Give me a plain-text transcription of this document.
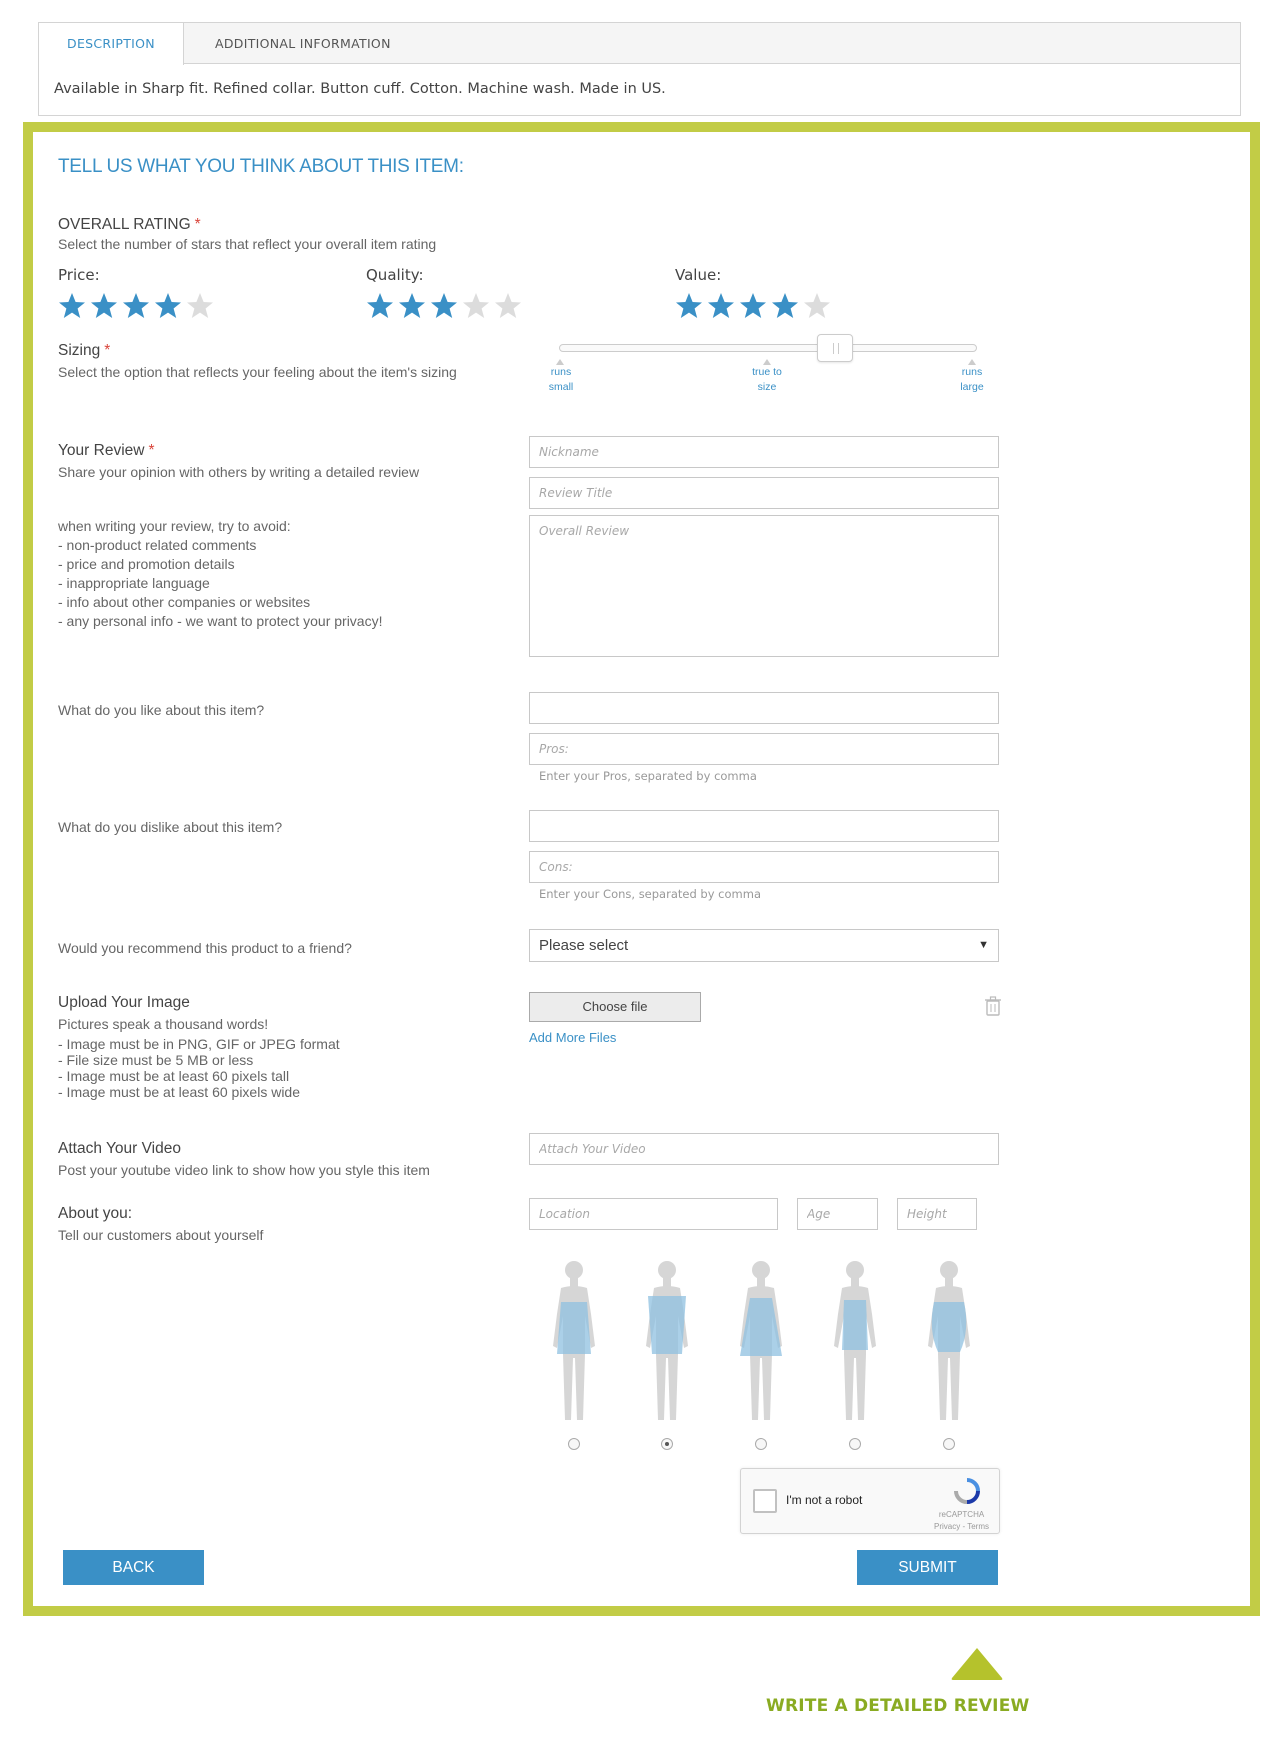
DESCRIPTION	ADDITIONAL INFORMATION
Available in Sharp fit. Refined collar. Button cuff. Cotton. Machine wash. Made in US.
TELL US WHAT YOU THINK ABOUT THIS ITEM:
OVERALL RATING *
Select the number of stars that reflect your overall item rating
Price:	Quality:	Value:
Sizing *
Select the option that reflects your feeling about the item's sizing	runs
small
true to
size
runs
large
Your Review *
Share your opinion with others by writing a detailed review
when writing your review, try to avoid:
- non-product related comments
- price and promotion details
- inappropriate language
- info about other companies or websites
- any personal info - we want to protect your privacy!
Nickname
Review Title
Overall Review
What do you like about this item?
Pros:
Enter your Pros, separated by comma
What do you dislike about this item?
Cons:
Enter your Cons, separated by comma
Would you recommend this product to a friend?	Please select	▼
Upload Your Image
Pictures speak a thousand words!
- Image must be in PNG, GIF or JPEG format
- File size must be 5 MB or less
- Image must be at least 60 pixels tall
- Image must be at least 60 pixels wide
Choose file
Add More Files
Attach Your Video
Post your youtube video link to show how you style this item
Attach Your Video
About you:
Tell our customers about yourself
Location
Age
Height
I'm not a robot
reCAPTCHA
Privacy - Terms
BACK	SUBMIT
WRITE A DETAILED REVIEW
